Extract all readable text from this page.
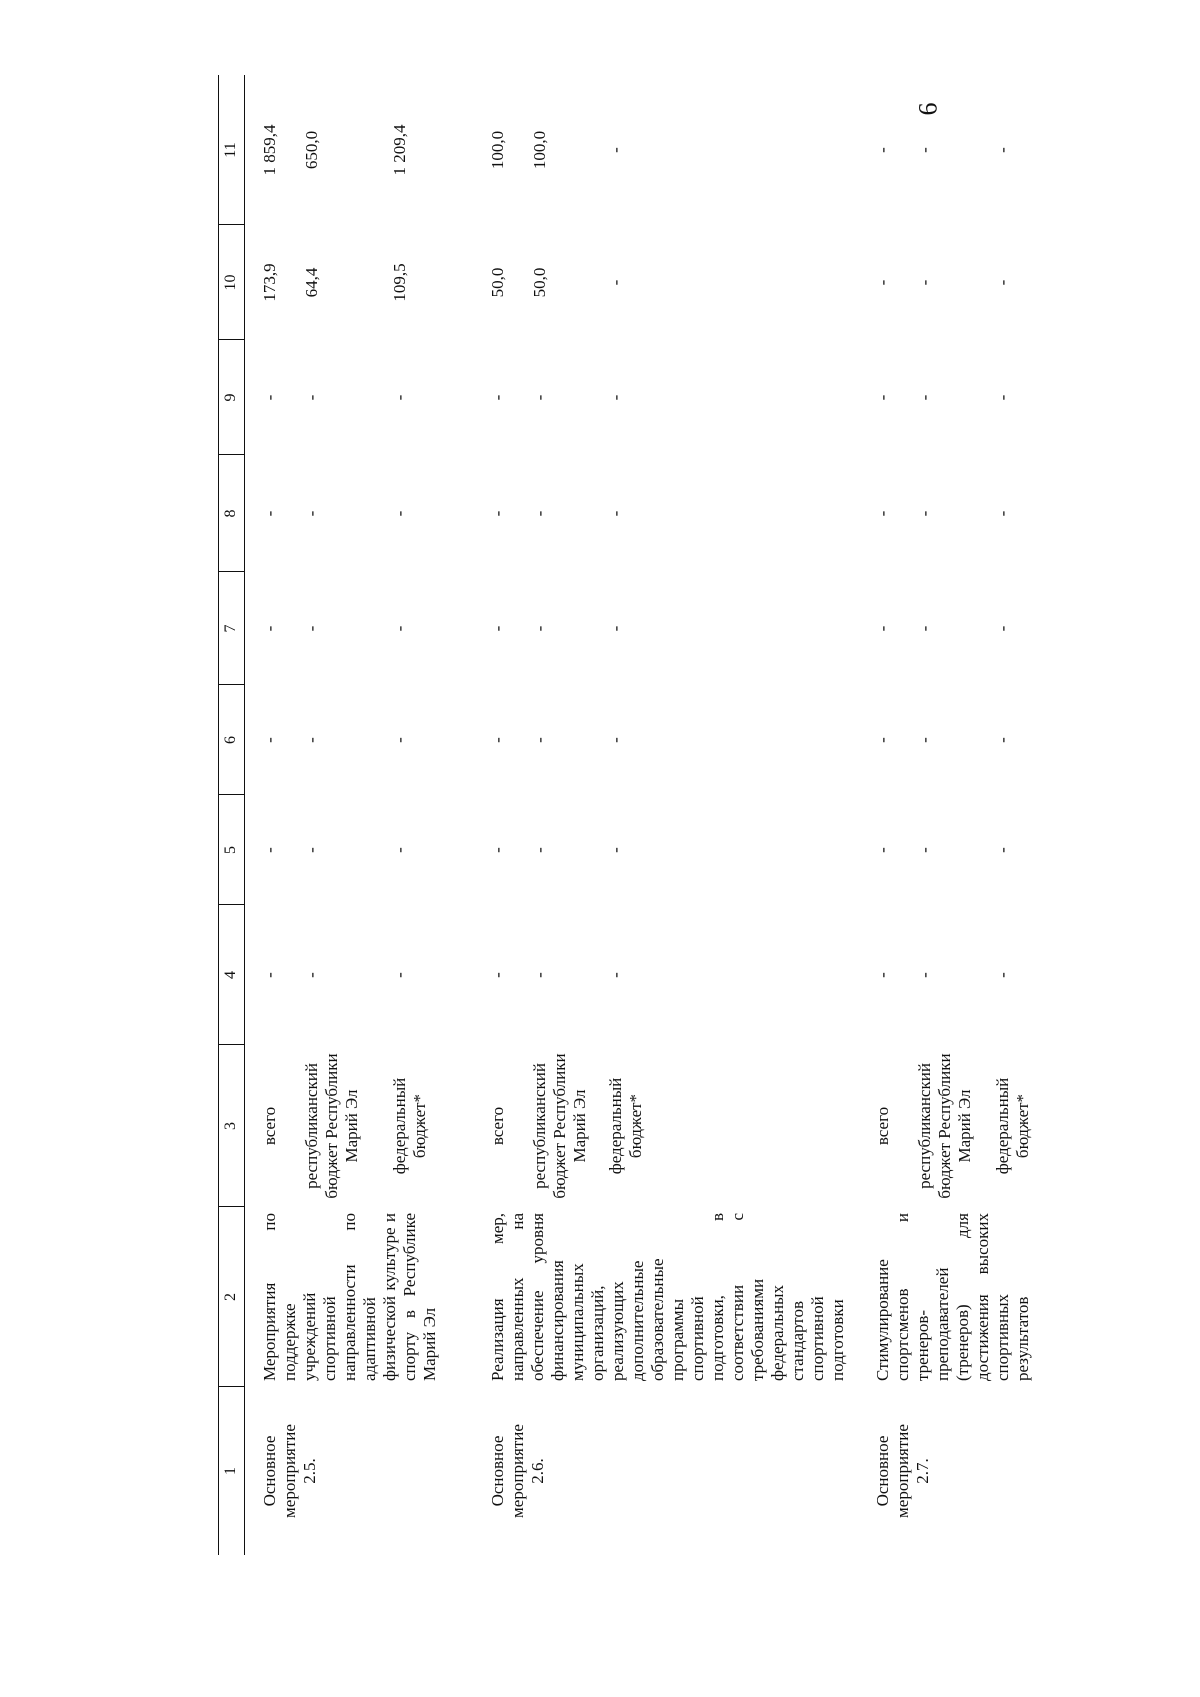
6
1
2
3
4
5
6
7
8
9
10
11
Основное
мероприятие
2.5.
Мероприятия по поддержке учреждений спортивной направленности по адаптивной физической культуре и спорту в Республике Марий Эл
всего республиканский бюджет Республики Марий Эл федеральный бюджет*
-
-
-
-
-
-
173,9
1 859,4
-
-
-
-
-
-
64,4
650,0
-
-
-
-
-
-
109,5
1 209,4
Основное
мероприятие
2.6.
Реализация мер, направленных на обеспечение уровня финансирования муниципальных организаций, реализующих дополнительные образовательные программы спортивной подготовки, в соответствии с требованиями федеральных стандартов спортивной подготовки
всего республиканский бюджет Республики Марий Эл федеральный бюджет*
-
-
-
-
-
-
50,0
100,0
-
-
-
-
-
-
50,0
100,0
-
-
-
-
-
-
-
-
Основное
мероприятие
2.7.
Стимулирование спортсменов и тренеров-преподавателей (тренеров) для достижения высоких спортивных результатов
всего республиканский бюджет Республики Марий Эл федеральный бюджет*
-
-
-
-
-
-
-
-
-
-
-
-
-
-
-
-
-
-
-
-
-
-
-
-
